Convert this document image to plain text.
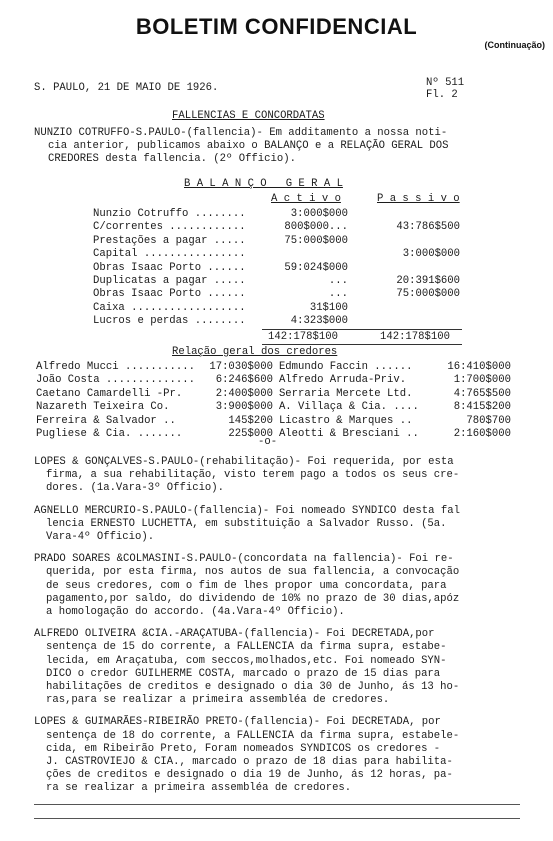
BOLETIM CONFIDENCIAL
(Continuação)
S. PAULO, 21 DE MAIO DE 1926.	Nº 511
Fl. 2
FALLENCIAS E CONCORDATAS
NUNZIO COTRUFFO-S.PAULO-(fallencia)- Em additamento a nossa noti-
cia anterior, publicamos abaixo o BALANÇO e a RELAÇÃO GERAL DOS
CREDORES desta fallencia. (2º Officio).
B A L A N Ç O   G E R A L
A c t i v o	P a s s i v o
Nunzio Cotruffo ........	3:000$000	
C/correntes ............	800$000...	43:786$500
Prestações a pagar .....	75:000$000	
Capital ................		3:000$000
Obras Isaac Porto ......	59:024$000	
Duplicatas a pagar .....	...	20:391$600
Obras Isaac Porto ......	...	75:000$000
Caixa ..................	31$100	
Lucros e perdas ........	4:323$000	
142:178$100	142:178$100
Relação geral dos credores
Alfredo Mucci ...........	17:030$000	Edmundo Faccin ......	16:410$000
João Costa ..............	6:246$600	Alfredo Arruda-Priv.	1:700$000
Caetano Camardelli -Pr.	2:400$000	Serraria Mercete Ltd.	4:765$500
Nazareth Teixeira Co.	3:900$000	A. Villaça & Cia. ....	8:415$200
Ferreira & Salvador ..	145$200	Licastro & Marques ..	780$700
Pugliese & Cia. .......	225$000	Aleotti & Bresciani ..	2:160$000
-o-
LOPES & GONÇALVES-S.PAULO-(rehabilitação)- Foi requerida, por esta
firma, a sua rehabilitação, visto terem pago a todos os seus cre-
dores. (1a.Vara-3º Officio).
AGNELLO MERCURIO-S.PAULO-(fallencia)- Foi nomeado SYNDICO desta fal
lencia ERNESTO LUCHETTA, em substituição a Salvador Russo. (5a.
Vara-4º Officio).
PRADO SOARES &COLMASINI-S.PAULO-(concordata na fallencia)- Foi re-
querida, por esta firma, nos autos de sua fallencia, a convocação
de seus credores, com o fim de lhes propor uma concordata, para
pagamento,por saldo, do dividendo de 10% no prazo de 30 dias,apóz
a homologação do accordo. (4a.Vara-4º Officio).
ALFREDO OLIVEIRA &CIA.-ARAÇATUBA-(fallencia)- Foi DECRETADA,por
sentença de 15 do corrente, a FALLENCIA da firma supra, estabe-
lecida, em Araçatuba, com seccos,molhados,etc. Foi nomeado SYN-
DICO o credor GUILHERME COSTA, marcado o prazo de 15 dias para
habilitações de creditos e designado o dia 30 de Junho, ás 13 ho-
ras,para se realizar a primeira assembléa de credores.
LOPES & GUIMARÃES-RIBEIRÃO PRETO-(fallencia)- Foi DECRETADA, por
sentença de 18 do corrente, a FALLENCIA da firma supra, estabele-
cida, em Ribeirão Preto, Foram nomeados SYNDICOS os credores -
J. CASTROVIEJO & CIA., marcado o prazo de 18 dias para habilita-
ções de creditos e designado o dia 19 de Junho, ás 12 horas, pa-
ra se realizar a primeira assembléa de credores.
